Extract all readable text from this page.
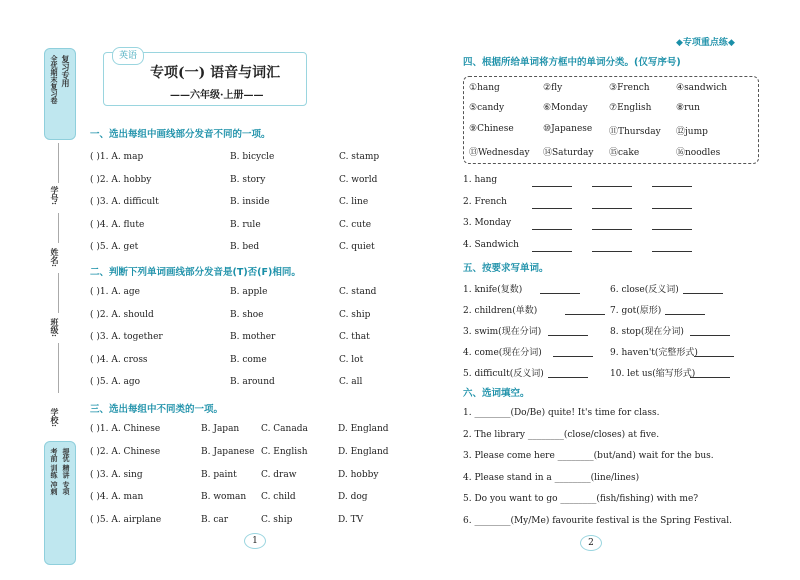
◆专项重点练◆
复习专用
全优期末复习卷
学号:
姓名:
班级:
学校:
提优 精讲 专项
考前 训练 冲刺
英语
专项(一) 语音与词汇
——六年级·上册——
一、选出每组中画线部分发音不同的一项。
( )1. A. map	B. bicycle	C. stamp
( )2. A. hobby	B. story	C. world
( )3. A. difficult	B. inside	C. line
( )4. A. flute	B. rule	C. cute
( )5. A. get	B. bed	C. quiet
二、判断下列单词画线部分发音是(T)否(F)相同。
( )1. A. age	B. apple	C. stand
( )2. A. should	B. shoe	C. ship
( )3. A. together	B. mother	C. that
( )4. A. cross	B. come	C. lot
( )5. A. ago	B. around	C. all
三、选出每组中不同类的一项。
( )1. A. Chinese	B. Japan C. Canada	D. England
( )2. A. Chinese	B. Japanese C. English	D. England
( )3. A. sing	B. paint	C. draw	D. hobby
( )4. A. man	B. woman C. child	D. dog
( )5. A. airplane	B. car	C. ship	D. TV
1
四、根据所给单词将方框中的单词分类。(仅写序号)
①hang	②fly	③French	④sandwich
⑤candy	⑥Monday ⑦English	⑧run
⑨Chinese	⑩Japanese ⑪Thursday ⑫jump
⑬Wednesday ⑭Saturday ⑮cake	⑯noodles
1. hang
2. French
3. Monday
4. Sandwich
五、按要求写单词。
1. knife(复数)
2. children(单数)
3. swim(现在分词)
4. come(现在分词)
5. difficult(反义词)
6. close(反义词)
7. got(原形)
8. stop(现在分词)
9. haven't(完整形式)
10. let us(缩写形式)
六、选词填空。
1. ________(Do/Be) quite! It's time for class.
2. The library ________(close/closes) at five.
3. Please come here ________(but/and) wait for the bus.
4. Please stand in a ________(line/lines)
5. Do you want to go ________(fish/fishing) with me?
6. ________(My/Me) favourite festival is the Spring Festival.
2
